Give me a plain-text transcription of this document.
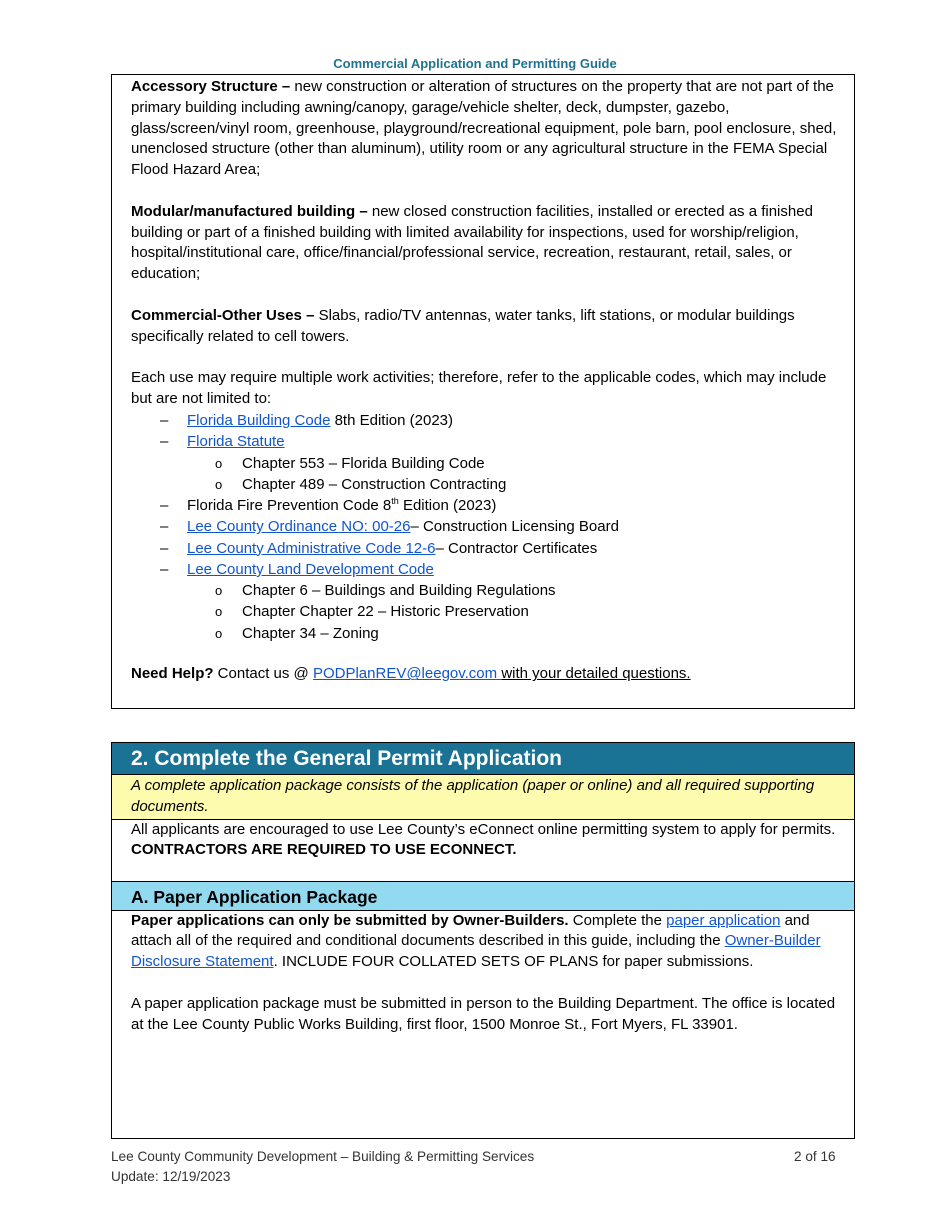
Commercial Application and Permitting Guide

Accessory Structure – new construction or alteration of structures on the property that are not part of the primary building including awning/canopy, garage/vehicle shelter, deck, dumpster, gazebo, glass/screen/vinyl room, greenhouse, playground/recreational equipment, pole barn, pool enclosure, shed, unenclosed structure (other than aluminum), utility room or any agricultural structure in the FEMA Special Flood Hazard Area;

Modular/manufactured building – new closed construction facilities, installed or erected as a finished building or part of a finished building with limited availability for inspections, used for worship/religion, hospital/institutional care, office/financial/professional service, recreation, restaurant, retail, sales, or education;

Commercial-Other Uses – Slabs, radio/TV antennas, water tanks, lift stations, or modular buildings specifically related to cell towers.

Each use may require multiple work activities; therefore, refer to the applicable codes, which may include but are not limited to:

– Florida Building Code 8th Edition (2023)
– Florida Statute
o Chapter 553 – Florida Building Code
o Chapter 489 – Construction Contracting
– Florida Fire Prevention Code 8th Edition (2023)
– Lee County Ordinance NO: 00-26– Construction Licensing Board
– Lee County Administrative Code 12-6– Contractor Certificates
– Lee County Land Development Code
o Chapter 6 – Buildings and Building Regulations
o Chapter Chapter 22 – Historic Preservation
o Chapter 34 – Zoning

Need Help? Contact us @ PODPlanREV@leegov.com with your detailed questions.

2. Complete the General Permit Application
A complete application package consists of the application (paper or online) and all required supporting documents.
All applicants are encouraged to use Lee County’s eConnect online permitting system to apply for permits. CONTRACTORS ARE REQUIRED TO USE ECONNECT.
A. Paper Application Package

Paper applications can only be submitted by Owner-Builders. Complete the paper application and attach all of the required and conditional documents described in this guide, including the Owner-Builder Disclosure Statement. INCLUDE FOUR COLLATED SETS OF PLANS for paper submissions.

A paper application package must be submitted in person to the Building Department. The office is located at the Lee County Public Works Building, first floor, 1500 Monroe St., Fort Myers, FL 33901.

Lee County Community Development – Building & Permitting Services
Update: 12/19/2023
2 of 16
